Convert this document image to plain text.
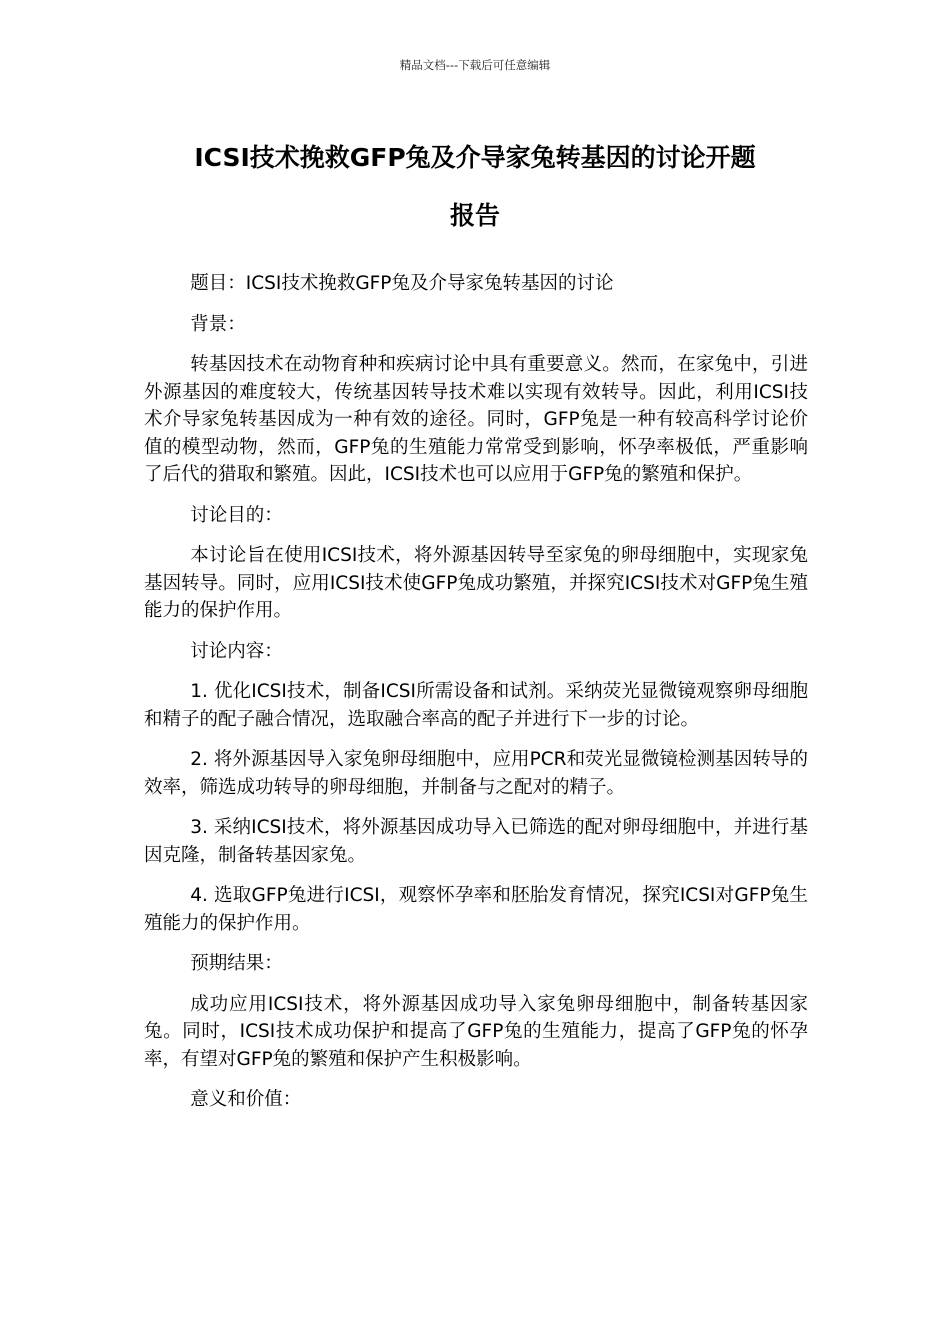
精品文档---下载后可任意编辑
ICSI技术挽救GFP兔及介导家兔转基因的讨论开题
报告

题目：ICSI技术挽救GFP兔及介导家兔转基因的讨论

背景：

转基因技术在动物育种和疾病讨论中具有重要意义。然而，在家兔中，引进外源基因的难度较大，传统基因转导技术难以实现有效转导。因此，利用ICSI技术介导家兔转基因成为一种有效的途径。同时，GFP兔是一种有较高科学讨论价值的模型动物，然而，GFP兔的生殖能力常常受到影响，怀孕率极低，严重影响了后代的猎取和繁殖。因此，ICSI技术也可以应用于GFP兔的繁殖和保护。

讨论目的：

本讨论旨在使用ICSI技术，将外源基因转导至家兔的卵母细胞中，实现家兔基因转导。同时，应用ICSI技术使GFP兔成功繁殖，并探究ICSI技术对GFP兔生殖能力的保护作用。

讨论内容：

1. 优化ICSI技术，制备ICSI所需设备和试剂。采纳荧光显微镜观察卵母细胞和精子的配子融合情况，选取融合率高的配子并进行下一步的讨论。

2. 将外源基因导入家兔卵母细胞中，应用PCR和荧光显微镜检测基因转导的效率，筛选成功转导的卵母细胞，并制备与之配对的精子。

3. 采纳ICSI技术，将外源基因成功导入已筛选的配对卵母细胞中，并进行基因克隆，制备转基因家兔。

4. 选取GFP兔进行ICSI，观察怀孕率和胚胎发育情况，探究ICSI对GFP兔生殖能力的保护作用。

预期结果：

成功应用ICSI技术，将外源基因成功导入家兔卵母细胞中，制备转基因家兔。同时，ICSI技术成功保护和提高了GFP兔的生殖能力，提高了GFP兔的怀孕率，有望对GFP兔的繁殖和保护产生积极影响。

意义和价值：
